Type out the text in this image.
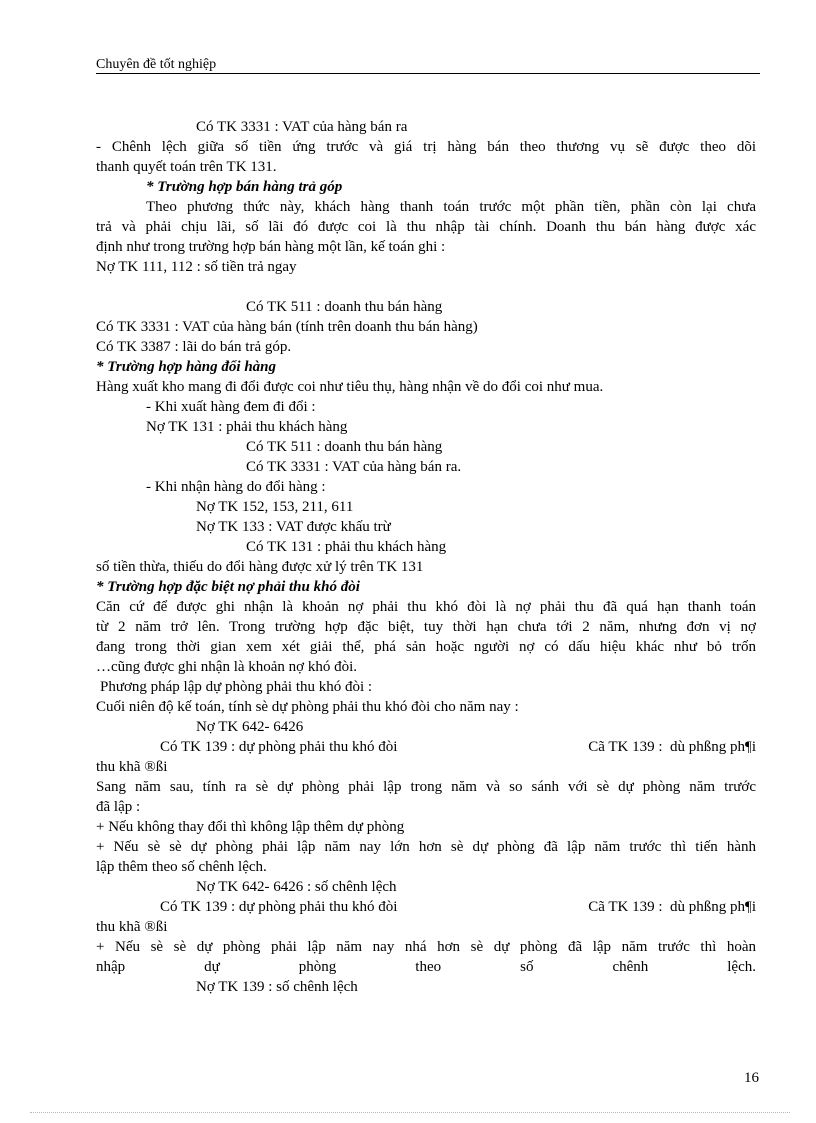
Chuyên đề tốt nghiệp
Có TK 3331 : VAT của hàng bán ra
- Chênh lệch giữa số tiền ứng trước và giá trị hàng bán theo thương vụ sẽ được theo dõi
thanh quyết toán trên TK 131.
* Trường hợp bán hàng trả góp
Theo phương thức này, khách hàng thanh toán trước một phần tiền, phần còn lại chưa
trả và phải chịu lãi, số lãi đó được coi là thu nhập tài chính. Doanh thu bán hàng được xác
định như trong trường hợp bán hàng một lần, kế toán ghi :
Nợ TK 111, 112 : số tiền trả ngay

Có TK 511 : doanh thu bán hàng
Có TK 3331 : VAT của hàng bán (tính trên doanh thu bán hàng)
Có TK 3387 : lãi do bán trả góp.
* Trường hợp hàng đổi hàng
Hàng xuất kho mang đi đổi được coi như tiêu thụ, hàng nhận về do đổi coi như mua.
- Khi xuất hàng đem đi đổi :
Nợ TK 131 : phải thu khách hàng
Có TK 511 : doanh thu bán hàng
Có TK 3331 : VAT của hàng bán ra.
- Khi nhận hàng do đổi hàng :
Nợ TK 152, 153, 211, 611
Nợ TK 133 : VAT được khấu trừ
Có TK 131 : phải thu khách hàng
số tiền thừa, thiếu do đổi hàng được xử lý trên TK 131
* Trường hợp đặc biệt nợ phải thu khó đòi
Căn cứ để được ghi nhận là khoản nợ phải thu khó đòi là nợ phải thu đã quá hạn thanh toán
từ 2 năm trở lên. Trong trường hợp đặc biệt, tuy thời hạn chưa tới 2 năm, nhưng đơn vị nợ
đang trong thời gian xem xét giải thể, phá sản hoặc người nợ có dấu hiệu khác như bỏ trốn
…cũng được ghi nhận là khoản nợ khó đòi.
Phương pháp lập dự phòng phải thu khó đòi :
Cuối niên độ kế toán, tính sè dự phòng phải thu khó đòi cho năm nay :
Nợ TK 642- 6426
Có TK 139 : dự phòng phải thu khó đòi	Cã TK 139 :  dù phßng ph¶i
thu khã ®ßi
Sang năm sau, tính ra sè dự phòng phải lập trong năm và so sánh với sè dự phòng năm trước
đã lập :
+ Nếu không thay đổi thì không lập thêm dự phòng
+ Nếu sè sè dự phòng phải lập năm nay lớn hơn sè dự phòng đã lập năm trước thì tiến hành
lập thêm theo số chênh lệch.
Nợ TK 642- 6426 : số chênh lệch
Có TK 139 : dự phòng phải thu khó đòi	Cã TK 139 :  dù phßng ph¶i
thu khã ®ßi
+ Nếu sè sè dự phòng phải lập năm nay nhá hơn sè dự phòng đã lập năm trước thì hoàn
nhập dự phòng theo số chênh lệch.
Nợ TK 139 : số chênh lệch
16
